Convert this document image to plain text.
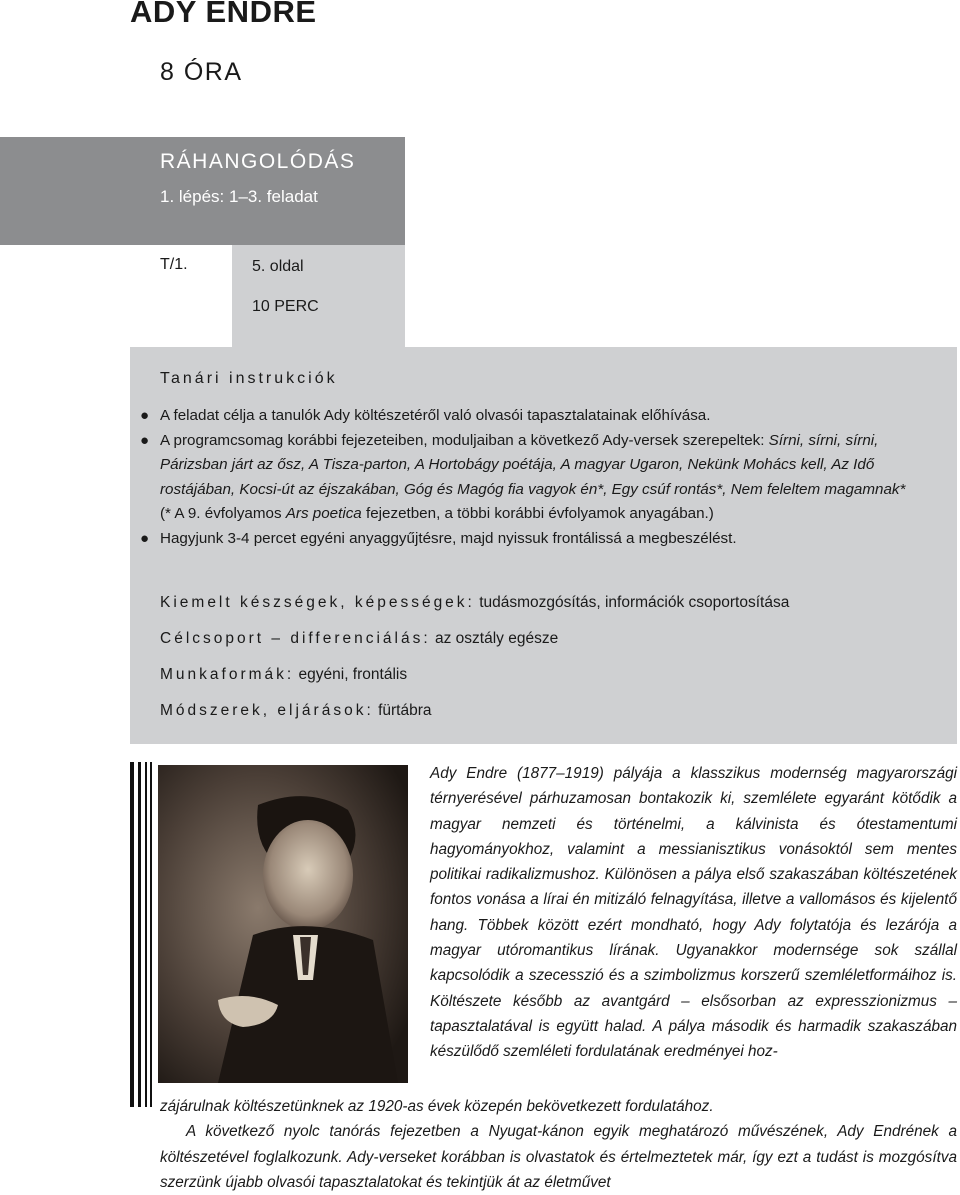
ADY ENDRE
8 ÓRA
RÁHANGOLÓDÁS
1. lépés: 1–3. feladat
T/1.	5. oldal
10 PERC
Tanári instrukciók
● A feladat célja a tanulók Ady költészetéről való olvasói tapasztalatainak előhívása.
● A programcsomag korábbi fejezeteiben, moduljaiban a következő Ady-versek szerepeltek: Sírni, sírni, sírni, Párizsban járt az ősz, A Tisza-parton, A Hortobágy poétája, A magyar Ugaron, Nekünk Mohács kell, Az Idő rostájában, Kocsi-út az éjszakában, Góg és Magóg fia vagyok én*, Egy csúf rontás*, Nem feleltem magamnak*
(* A 9. évfolyamos Ars poetica fejezetben, a többi korábbi évfolyamok anyagában.)
● Hagyjunk 3-4 percet egyéni anyaggyűjtésre, majd nyissuk frontálissá a megbeszélést.
Kiemelt készségek, képességek: tudásmozgósítás, információk csoportosítása
Célcsoport – differenciálás: az osztály egésze
Munkaformák: egyéni, frontális
Módszerek, eljárások: fürtábra
Ady Endre (1877–1919) pályája a klasszikus modernség magyarországi térnyerésével párhuzamosan bontakozik ki, szemlélete egyaránt kötődik a magyar nemzeti és történelmi, a kálvinista és ótestamentumi hagyományokhoz, valamint a messianisztikus vonásoktól sem mentes politikai radikalizmushoz. Különösen a pálya első szakaszában költészetének fontos vonása a lírai én mitizáló felnagyítása, illetve a vallomásos és kijelentő hang. Többek között ezért mondható, hogy Ady folytatója és lezárója a magyar utóromantikus lírának. Ugyanakkor modernsége sok szállal kapcsolódik a szecesszió és a szimbolizmus korszerű szemléletformáihoz is. Költészete később az avantgárd – elsősorban az expresszionizmus – tapasztalatával is együtt halad. A pálya második és harmadik szakaszában készülődő szemléleti fordulatának eredményei hoz-

zájárulnak költészetünknek az 1920-as évek közepén bekövetkezett fordulatához.

A következő nyolc tanórás fejezetben a Nyugat-kánon egyik meghatározó művészének, Ady Endrének a költészetével foglalkozunk. Ady-verseket korábban is olvastatok és értelmeztetek már, így ezt a tudást is mozgósítva szerzünk újabb olvasói tapasztalatokat és tekintjük át az életművet
